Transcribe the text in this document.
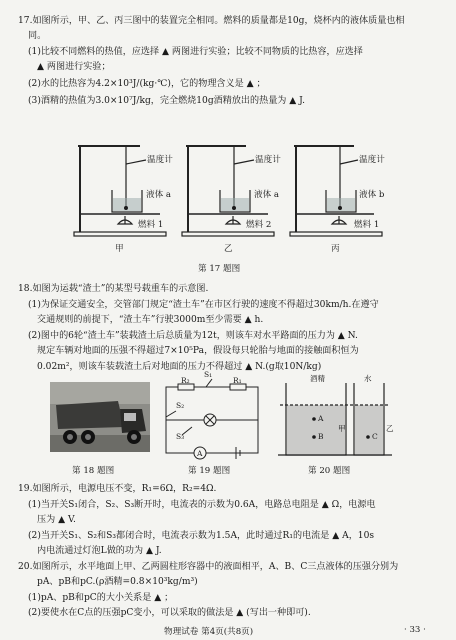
17.如图所示，甲、乙、丙三图中的装置完全相同。燃料的质量都是10g，烧杯内的液体质量也相
同。
(1)比较不同燃料的热值，应选择 ▲ 两图进行实验；比较不同物质的比热容，应选择
▲ 两图进行实验；
(2)水的比热容为4.2×10³J/(kg·℃)，它的物理含义是 ▲ ；
(3)酒精的热值为3.0×10⁷J/kg，完全燃烧10g酒精放出的热量为 ▲ J.
温度计	温度计	温度计
液体 a	液体 a	液体 b
燃料 1	燃料 2	燃料 1
甲	乙	丙
第 17 题图
18.如图为运载“渣土”的某型号载重车的示意图.
(1)为保证交通安全，交管部门规定“渣土车”在市区行驶的速度不得超过30km/h.在遵守
交通规则的前提下，“渣土车”行驶3000m至少需要 ▲ h.
(2)图中的6轮“渣土车”装载渣土后总质量为12t，则该车对水平路面的压力为 ▲ N.
规定车辆对地面的压强不得超过7×10⁵Pa，假设每只轮胎与地面的接触面积恒为
0.02m²，则该车装载渣土后对地面的压力不得超过 ▲ N.(g取10N/kg)
R₂	R₁
S₁
S₂
S₃
A
酒精	水
A
B	C
甲	乙
第 18 题图	第 19 题图	第 20 题图
19.如图所示，电源电压不变，R₁=6Ω，R₂=4Ω.
(1)当开关S₁闭合，S₂、S₃断开时，电流表的示数为0.6A，电路总电阻是 ▲ Ω，电源电
压为 ▲ V.
(2)当开关S₁、S₂和S₃都闭合时，电流表示数为1.5A，此时通过R₁的电流是 ▲ A，10s
内电流通过灯泡L做的功为 ▲ J.
20.如图所示，水平地面上甲、乙两圆柱形容器中的液面相平，A、B、C三点液体的压强分别为
pA、pB和pC.(ρ酒精=0.8×10³kg/m³)
(1)pA、pB和pC的大小关系是 ▲ ；
(2)要使水在C点的压强pC变小，可以采取的做法是 ▲ (写出一种即可).
物理试卷 第4页(共8页)	· 33 ·
